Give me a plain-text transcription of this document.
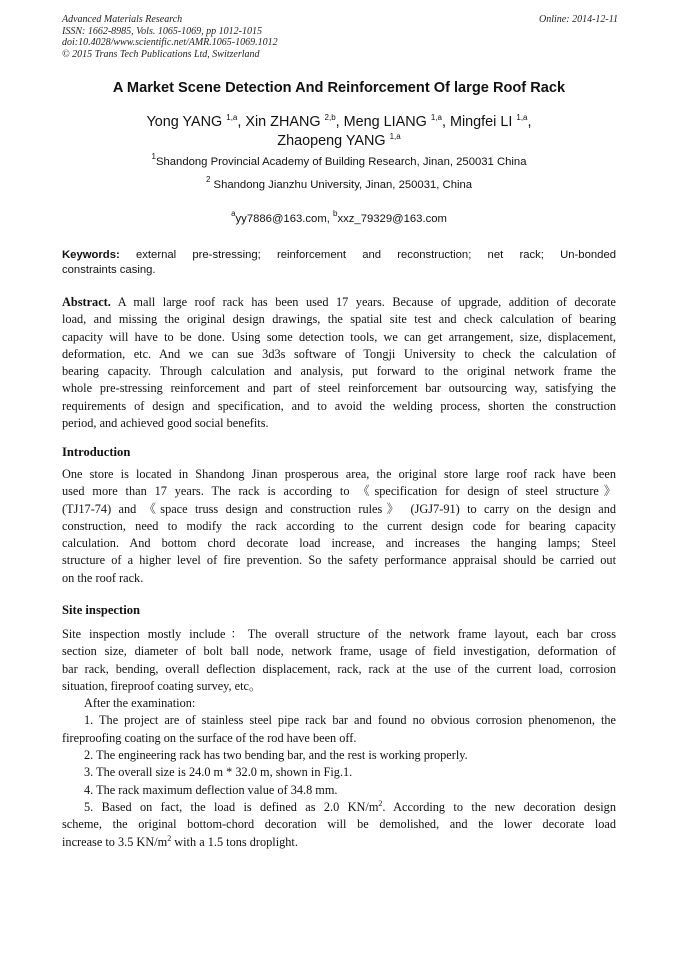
Advanced Materials Research
ISSN: 1662-8985, Vols. 1065-1069, pp 1012-1015
doi:10.4028/www.scientific.net/AMR.1065-1069.1012
© 2015 Trans Tech Publications Ltd, Switzerland
Online: 2014-12-11
A Market Scene Detection And Reinforcement Of large Roof Rack
Yong YANG $^{1,a}$, Xin ZHANG $^{2,b}$, Meng LIANG $^{1,a}$, Mingfei LI $^{1,a}$,
Zhaopeng YANG $^{1,a}$
$^1$Shandong Provincial Academy of Building Research, Jinan, 250031 China
$^2$ Shandong Jianzhu University, Jinan, 250031, China
$^a$yy7886@163.com, $^b$xxz_79329@163.com
Keywords: external pre-stressing; reinforcement and reconstruction; net rack; Un-bonded
constraints casing.
Abstract. A mall large roof rack has been used 17 years. Because of upgrade, addition of decorate
load, and missing the original design drawings, the spatial site test and check calculation of bearing
capacity will have to be done. Using some detection tools, we can get arrangement, size, displacement,
deformation, etc. And we can sue 3d3s software of Tongji University to check the calculation of
bearing capacity. Through calculation and analysis, put forward to the original network frame the
whole pre-stressing reinforcement and part of steel reinforcement bar outsourcing way, satisfying the
requirements of design and specification, and to avoid the welding process, shorten the construction
period, and achieved good social benefits.
Introduction
One store is located in Shandong Jinan prosperous area, the original store large roof rack have been
used more than 17 years. The rack is according to 《specification for design of steel structure》
(TJ17-74) and 《space truss design and construction rules》 (JGJ7-91) to carry on the design and
construction, need to modify the rack according to the current design code for bearing capacity
calculation. And bottom chord decorate load increase, and increases the hanging lamps; Steel
structure of a higher level of fire prevention. So the safety performance appraisal should be carried out
on the roof rack.
Site inspection
Site inspection mostly include：The overall structure of the network frame layout, each bar cross
section size, diameter of bolt ball node, network frame, usage of field investigation, deformation of
bar rack, bending, overall deflection displacement, rack, rack at the use of the current load, corrosion
situation, fireproof coating survey, etc。
After the examination:
1. The project are of stainless steel pipe rack bar and found no obvious corrosion phenomenon, the
fireproofing coating on the surface of the rod have been off.
2. The engineering rack has two bending bar, and the rest is working properly.
3. The overall size is 24.0 m * 32.0 m, shown in Fig.1.
4. The rack maximum deflection value of 34.8 mm.
5. Based on fact, the load is defined as 2.0 $KN/m^2$. According to the new decoration design
scheme, the original bottom-chord decoration will be demolished, and the lower decorate load
increase to 3.5 $KN/m^2$ with a 1.5 tons droplight.
